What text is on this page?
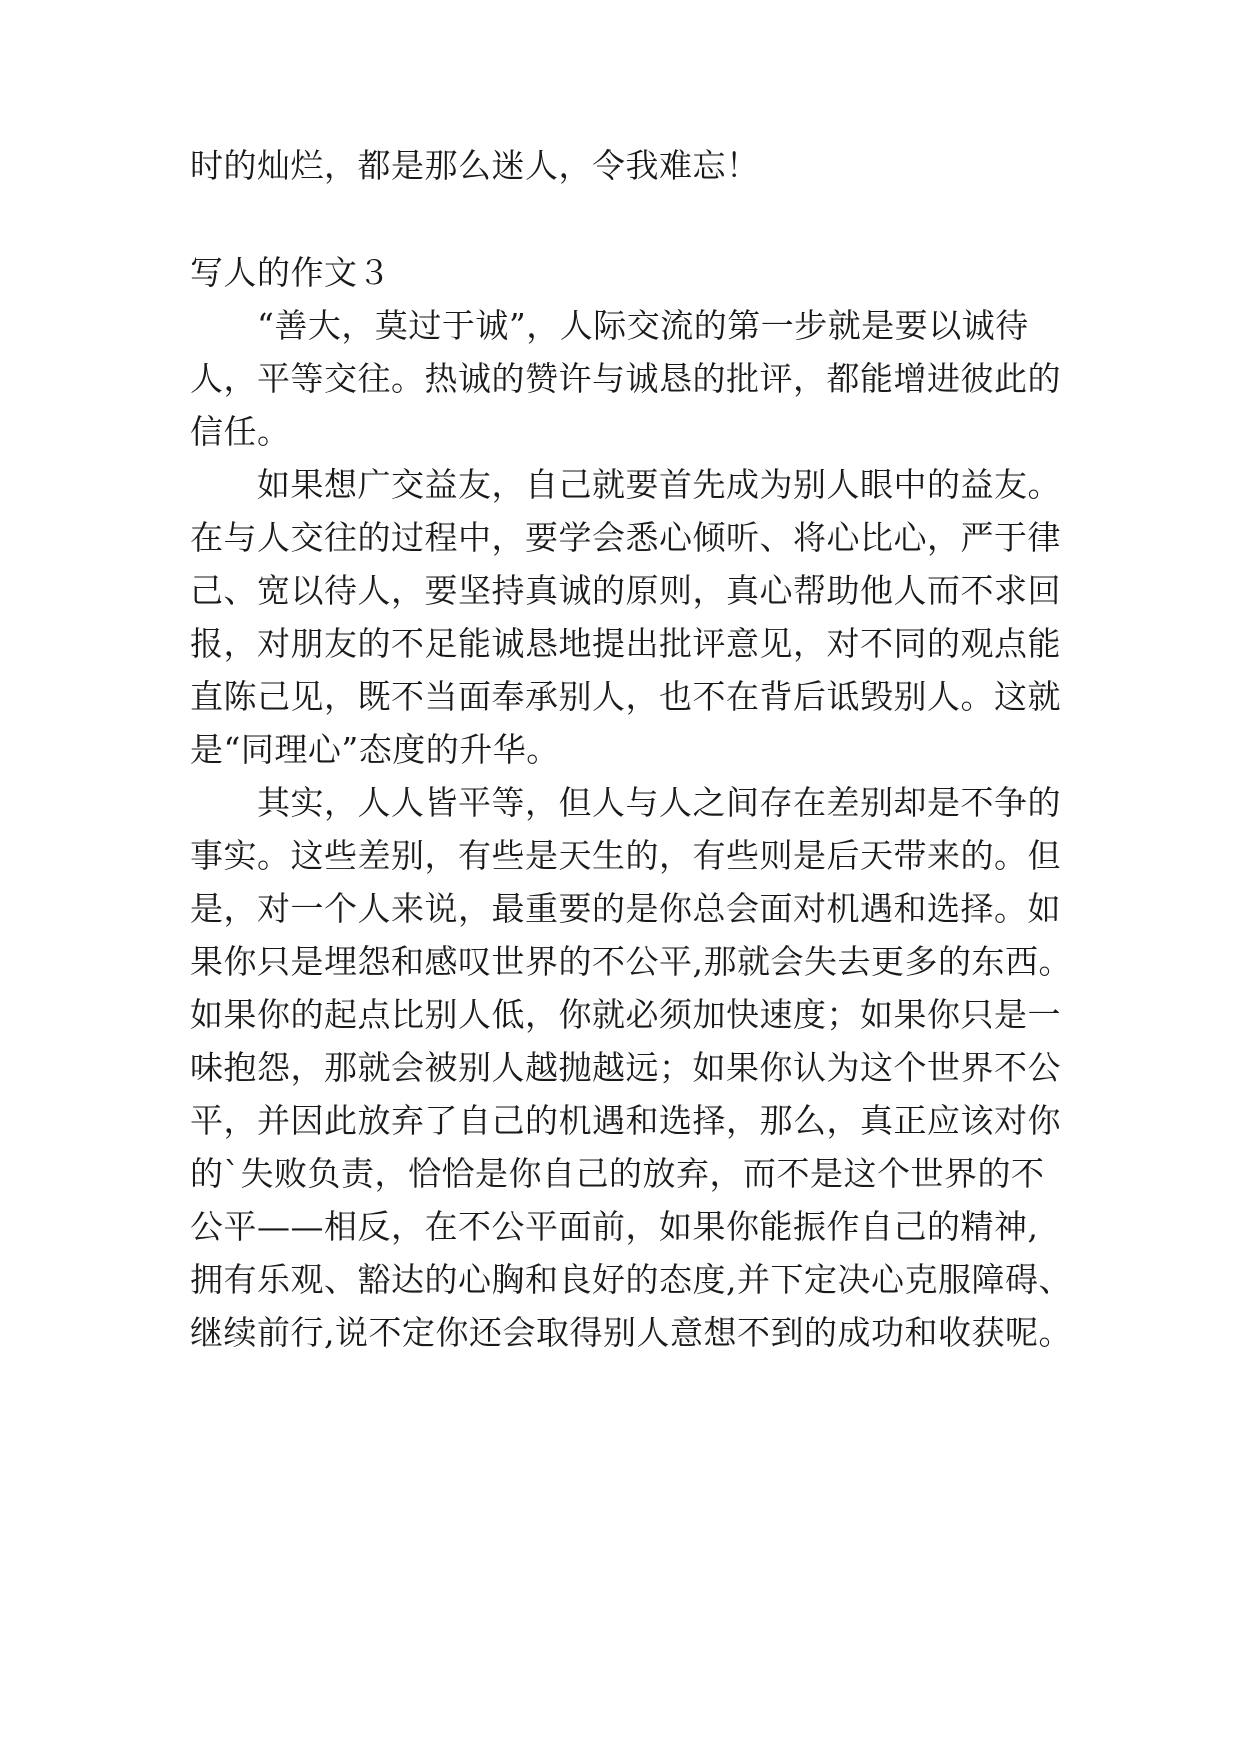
时的灿烂，都是那么迷人，令我难忘！
写人的作文３
“善大，莫过于诚”，人际交流的第一步就是要以诚待
人，平等交往。热诚的赞许与诚恳的批评，都能增进彼此的
信任。
如果想广交益友，自己就要首先成为别人眼中的益友。
在与人交往的过程中，要学会悉心倾听、将心比心，严于律
己、宽以待人，要坚持真诚的原则，真心帮助他人而不求回
报，对朋友的不足能诚恳地提出批评意见，对不同的观点能
直陈己见，既不当面奉承别人，也不在背后诋毁别人。这就
是“同理心”态度的升华。
其实，人人皆平等，但人与人之间存在差别却是不争的
事实。这些差别，有些是天生的，有些则是后天带来的。但
是，对一个人来说，最重要的是你总会面对机遇和选择。如
果你只是埋怨和感叹世界的不公平,那就会失去更多的东西。
如果你的起点比别人低，你就必须加快速度；如果你只是一
味抱怨，那就会被别人越抛越远；如果你认为这个世界不公
平，并因此放弃了自己的机遇和选择，那么，真正应该对你
的`失败负责，恰恰是你自己的放弃，而不是这个世界的不
公平——相反，在不公平面前，如果你能振作自己的精神,
拥有乐观、豁达的心胸和良好的态度,并下定决心克服障碍、
继续前行,说不定你还会取得别人意想不到的成功和收获呢。
